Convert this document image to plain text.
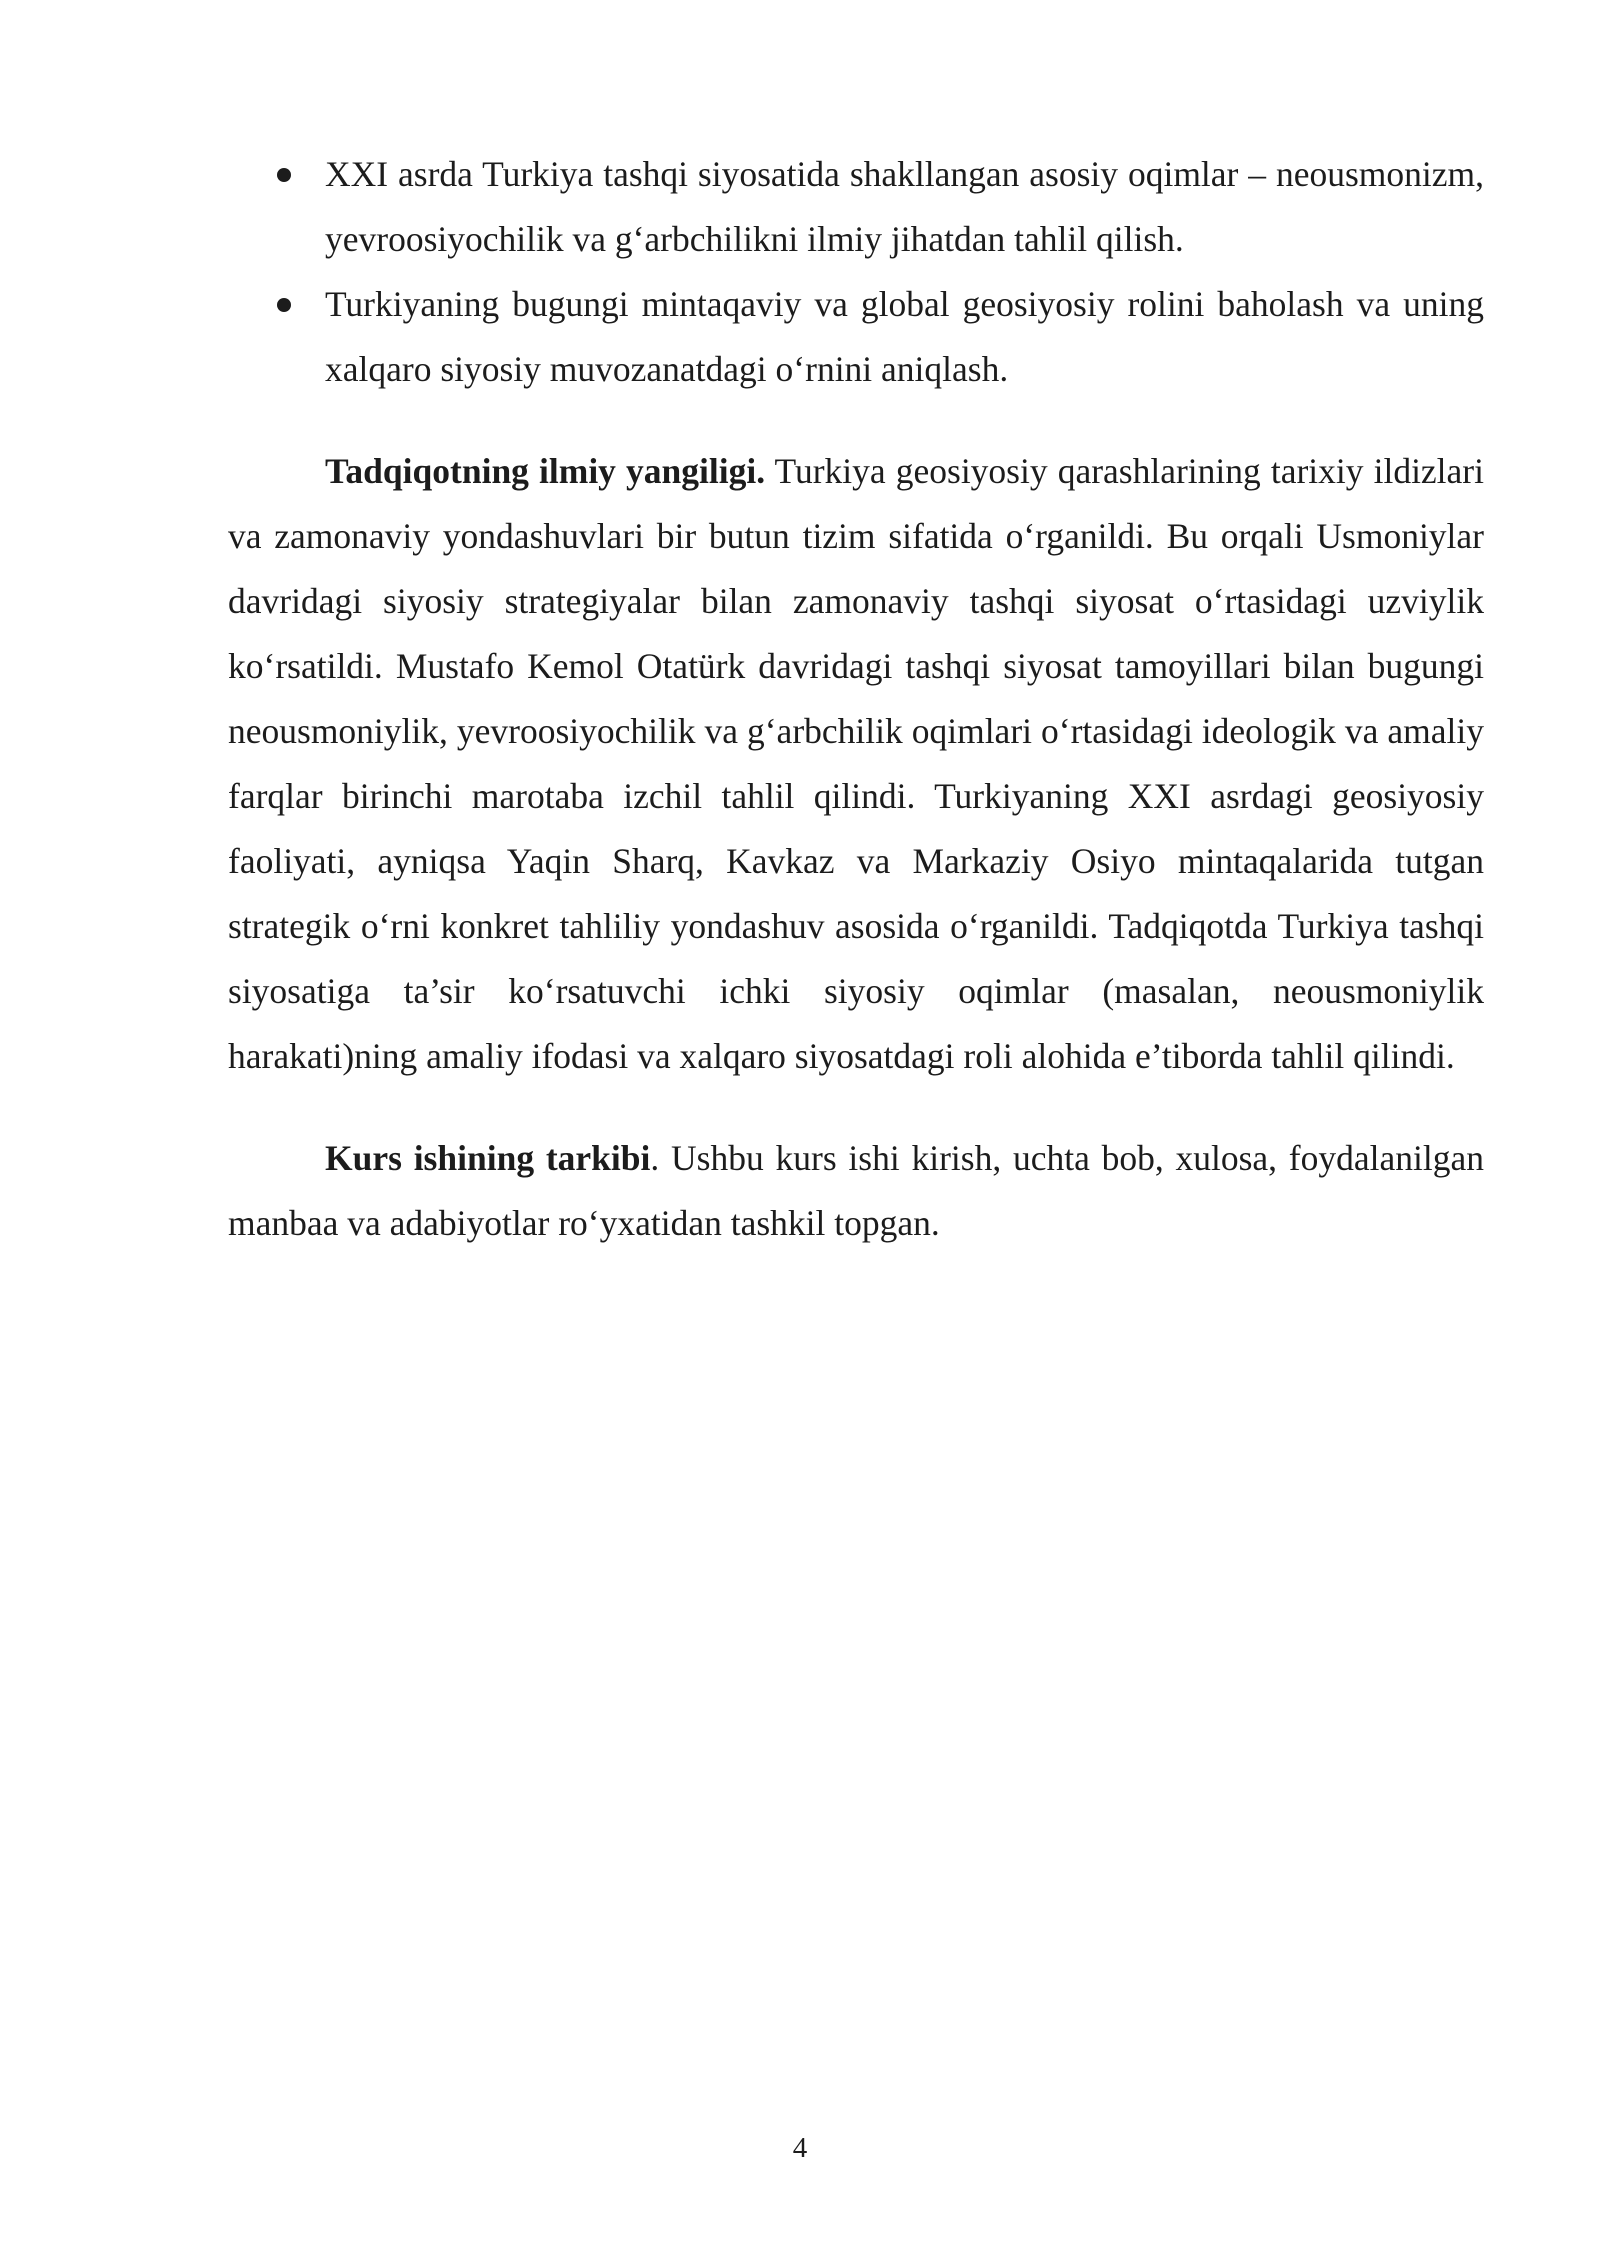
XXI asrda Turkiya tashqi siyosatida shakllangan asosiy oqimlar – neousmonizm, yevroosiyochilik va g‘arbchilikni ilmiy jihatdan tahlil qilish.
Turkiyaning bugungi mintaqaviy va global geosiyosiy rolini baholash va uning xalqaro siyosiy muvozanatdagi o‘rnini aniqlash.

Tadqiqotning ilmiy yangiligi. Turkiya geosiyosiy qarashlarining tarixiy ildizlari va zamonaviy yondashuvlari bir butun tizim sifatida o‘rganildi. Bu orqali Usmoniylar davridagi siyosiy strategiyalar bilan zamonaviy tashqi siyosat o‘rtasidagi uzviylik ko‘rsatildi. Mustafo Kemol Otatürk davridagi tashqi siyosat tamoyillari bilan bugungi neousmoniylik, yevroosiyochilik va g‘arbchilik oqimlari o‘rtasidagi ideologik va amaliy farqlar birinchi marotaba izchil tahlil qilindi. Turkiyaning XXI asrdagi geosiyosiy faoliyati, ayniqsa Yaqin Sharq, Kavkaz va Markaziy Osiyo mintaqalarida tutgan strategik o‘rni konkret tahliliy yondashuv asosida o‘rganildi. Tadqiqotda Turkiya tashqi siyosatiga ta’sir ko‘rsatuvchi ichki siyosiy oqimlar (masalan, neousmoniylik harakati)ning amaliy ifodasi va xalqaro siyosatdagi roli alohida e’tiborda tahlil qilindi.

Kurs ishining tarkibi. Ushbu kurs ishi kirish, uchta bob, xulosa, foydalanilgan manbaa va adabiyotlar ro‘yxatidan tashkil topgan.

4
